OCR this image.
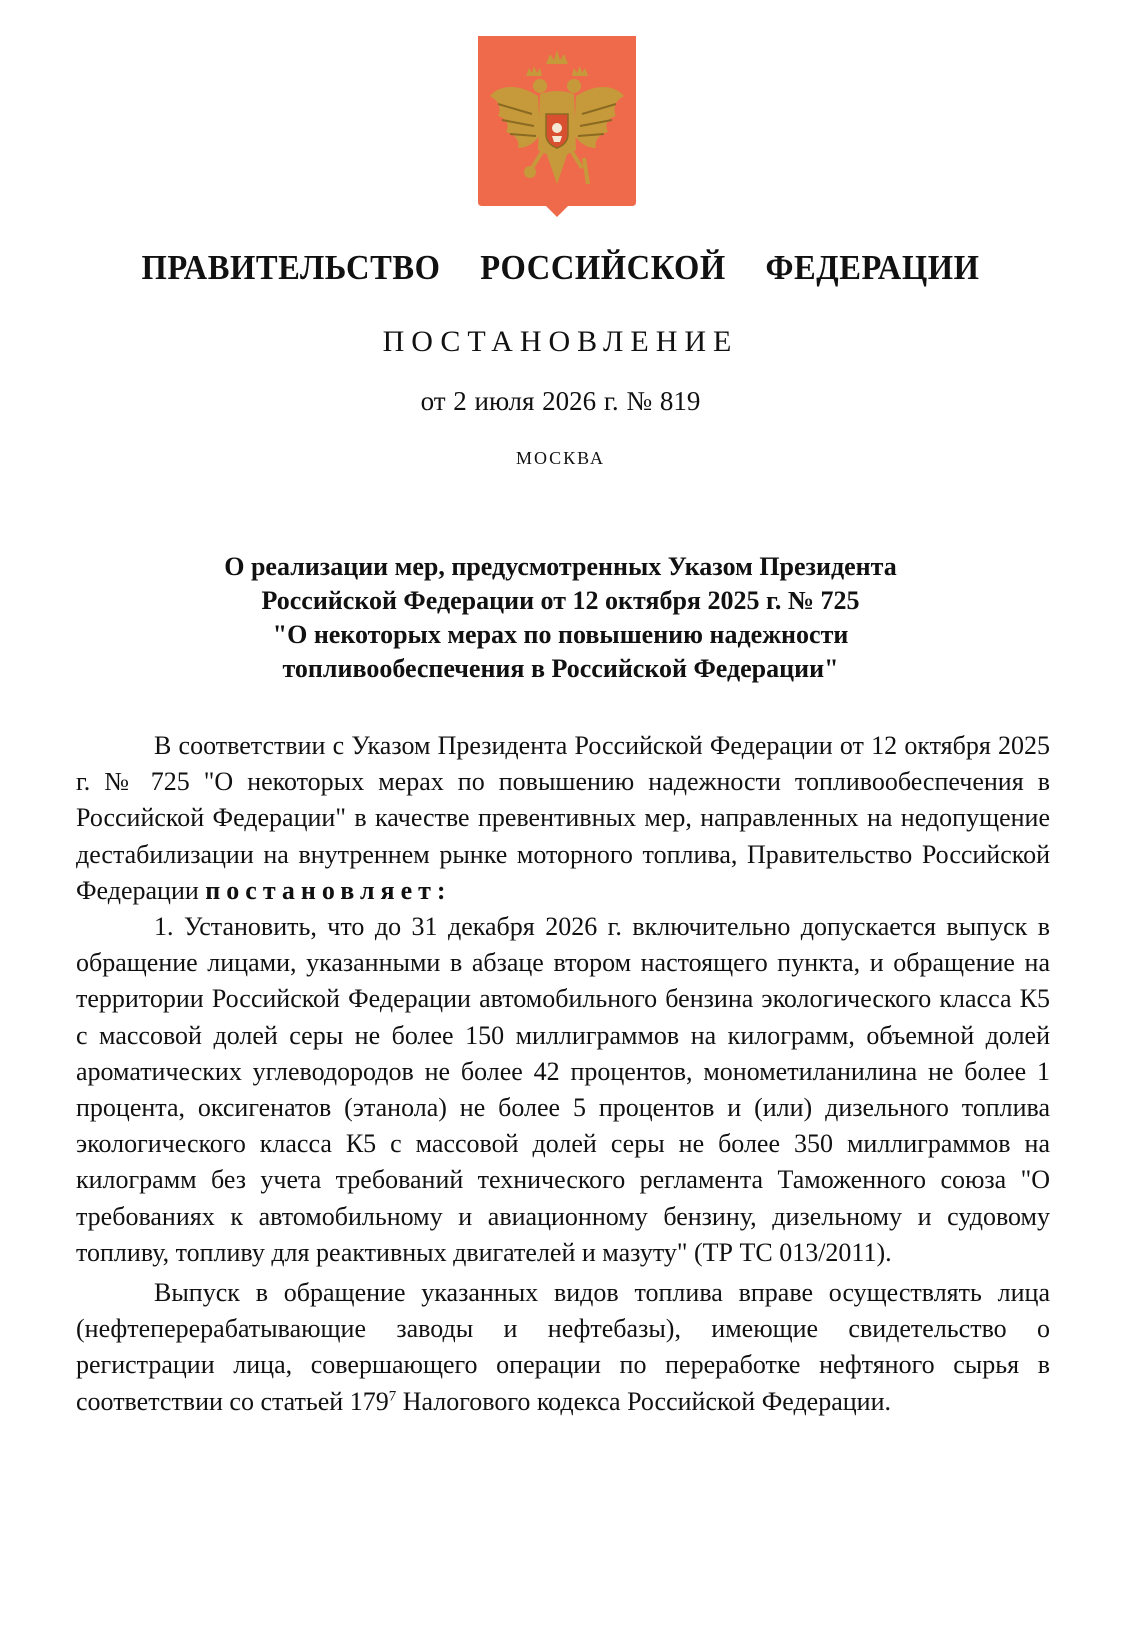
ПРАВИТЕЛЬСТВО  РОССИЙСКОЙ  ФЕДЕРАЦИИ
ПОСТАНОВЛЕНИЕ
от 2 июля 2026 г. № 819
МОСКВА
О реализации мер, предусмотренных Указом Президента
Российской Федерации от 12 октября 2025 г. № 725
"О некоторых мерах по повышению надежности
топливообеспечения в Российской Федерации"

В соответствии с Указом Президента Российской Федерации от 12 октября 2025 г. № 725 "О некоторых мерах по повышению надежности топливообеспечения в Российской Федерации" в качестве превентивных мер, направленных на недопущение дестабилизации на внутреннем рынке моторного топлива, Правительство Российской Федерации постановляет:

1. Установить, что до 31 декабря 2026 г. включительно допускается выпуск в обращение лицами, указанными в абзаце втором настоящего пункта, и обращение на территории Российской Федерации автомобильного бензина экологического класса К5 с массовой долей серы не более 150 миллиграммов на килограмм, объемной долей ароматических углеводородов не более 42 процентов, монометиланилина не более 1 процента, оксигенатов (этанола) не более 5 процентов и (или) дизельного топлива экологического класса К5 с массовой долей серы не более 350 миллиграммов на килограмм без учета требований технического регламента Таможенного союза "О требованиях к автомобильному и авиационному бензину, дизельному и судовому топливу, топливу для реактивных двигателей и мазуту" (ТР ТС 013/2011).

Выпуск в обращение указанных видов топлива вправе осуществлять лица (нефтеперерабатывающие заводы и нефтебазы), имеющие свидетельство о регистрации лица, совершающего операции по переработке нефтяного сырья в соответствии со статьей $179^7$ Налогового кодекса Российской Федерации.
